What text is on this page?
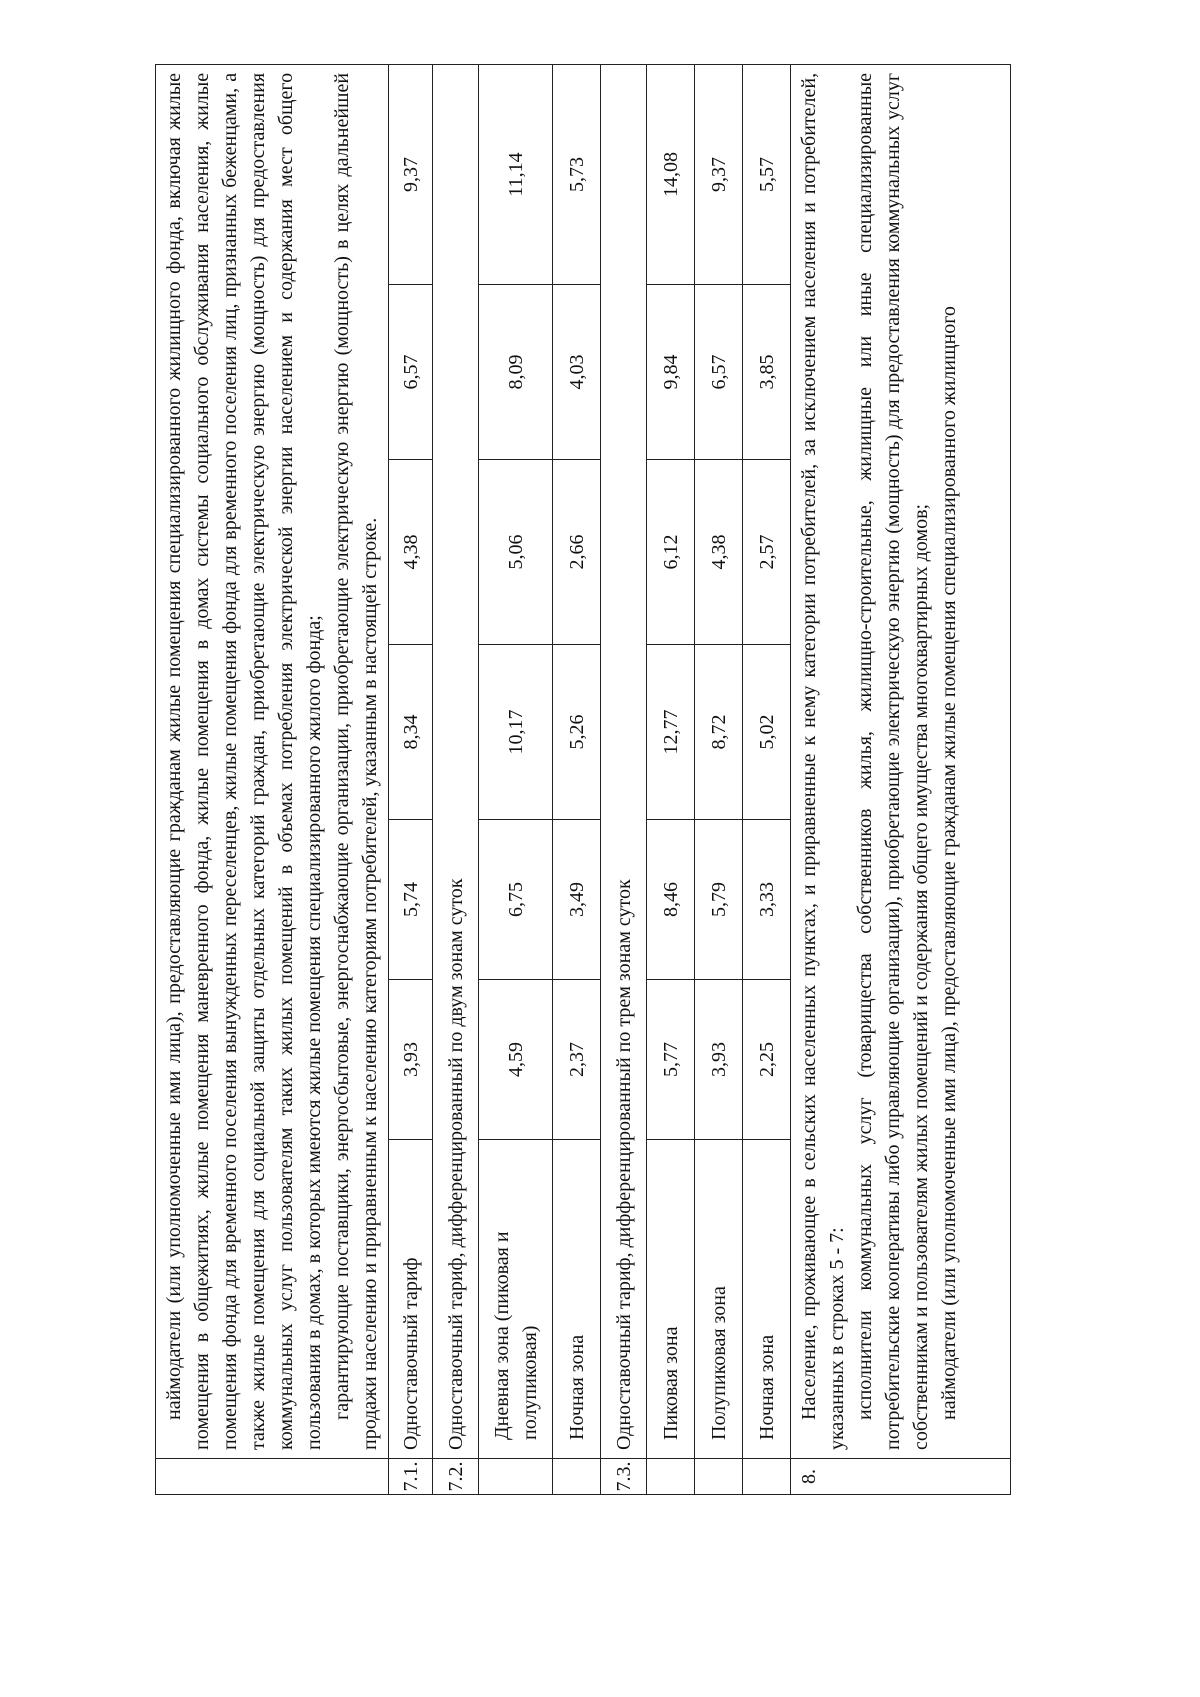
	наймодатели (или уполномоченные ими лица), предоставляющие гражданам жилые помещения специализированного жилищного фонда, включая жилые помещения в общежитиях, жилые помещения маневренного фонда, жилые помещения в домах системы социального обслуживания населения, жилые помещения фонда для временного поселения вынужденных переселенцев, жилые помещения фонда для временного поселения лиц, признанных беженцами, а также жилые помещения для социальной защиты отдельных категорий граждан, приобретающие электрическую энергию (мощность) для предоставления коммунальных услуг пользователям таких жилых помещений в объемах потребления электрической энергии населением и содержания мест общего пользования в домах, в которых имеются жилые помещения специализированного жилого фонда; гарантирующие поставщики, энергосбытовые, энергоснабжающие организации, приобретающие электрическую энергию (мощность) в целях дальнейшей продажи населению и приравненным к населению категориям потребителей, указанным в настоящей строке.						

7.1.	Одноставочный тариф	3,93	5,74	8,34	4,38	6,57	9,37
7.2.	Одноставочный тариф, дифференцированный по двум зонам суток						
	Дневная зона (пиковая и полупиковая)	4,59	6,75	10,17	5,06	8,09	11,14
	Ночная зона	2,37	3,49	5,26	2,66	4,03	5,73
7.3.	Одноставочный тариф, дифференцированный по трем зонам суток						
	Пиковая зона	5,77	8,46	12,77	6,12	9,84	14,08
	Полупиковая зона	3,93	5,79	8,72	4,38	6,57	9,37
	Ночная зона	2,25	3,33	5,02	2,57	3,85	5,57
8.	Население, проживающее в сельских населенных пунктах, и приравненные к нему категории потребителей, за исключением населения и потребителей, указанных в строках 5 - 7: исполнители коммунальных услуг (товарищества собственников жилья, жилищно-строительные, жилищные или иные специализированные потребительские кооперативы либо управляющие организации), приобретающие электрическую энергию (мощность) для предоставления коммунальных услуг собственникам и пользователям жилых помещений и содержания общего имущества многоквартирных домов; наймодатели (или уполномоченные ими лица), предоставляющие гражданам жилые помещения специализированного жилищного						
